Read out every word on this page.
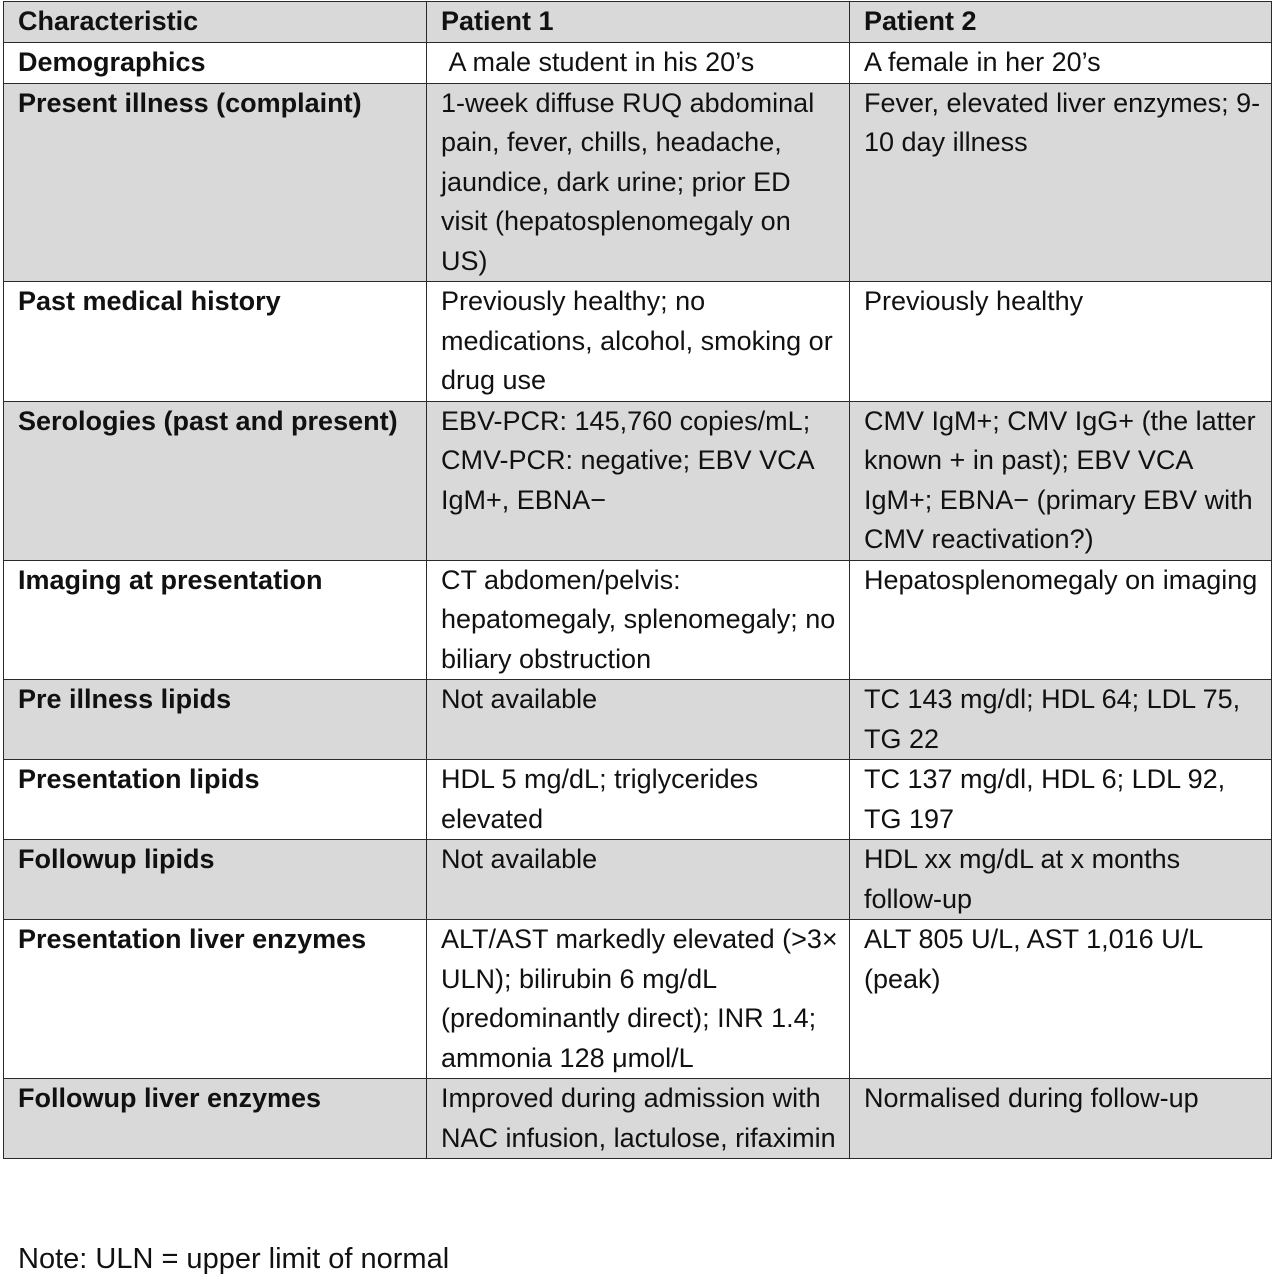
Characteristic	Patient 1	Patient 2
Demographics	A male student in his 20’s	A female in her 20’s
Present illness (complaint)	1-week diffuse RUQ abdominal pain, fever, chills, headache, jaundice, dark urine; prior ED visit (hepatosplenomegaly on US)	Fever, elevated liver enzymes; 9-10 day illness
Past medical history	Previously healthy; no medications, alcohol, smoking or drug use	Previously healthy
Serologies (past and present)	EBV-PCR: 145,760 copies/mL; CMV-PCR: negative; EBV VCA IgM+, EBNA−	CMV IgM+; CMV IgG+ (the latter known + in past); EBV VCA IgM+; EBNA− (primary EBV with CMV reactivation?)
Imaging at presentation	CT abdomen/pelvis: hepatomegaly, splenomegaly; no biliary obstruction	Hepatosplenomegaly on imaging
Pre illness lipids	Not available	TC 143 mg/dl; HDL 64; LDL 75, TG 22
Presentation lipids	HDL 5 mg/dL; triglycerides elevated	TC 137 mg/dl, HDL 6; LDL 92, TG 197
Followup lipids	Not available	HDL xx mg/dL at x months follow-up
Presentation liver enzymes	ALT/AST markedly elevated (>3× ULN); bilirubin 6 mg/dL (predominantly direct); INR 1.4; ammonia 128 μmol/L	ALT 805 U/L, AST 1,016 U/L (peak)
Followup liver enzymes	Improved during admission with NAC infusion, lactulose, rifaximin	Normalised during follow-up
Note: ULN = upper limit of normal
